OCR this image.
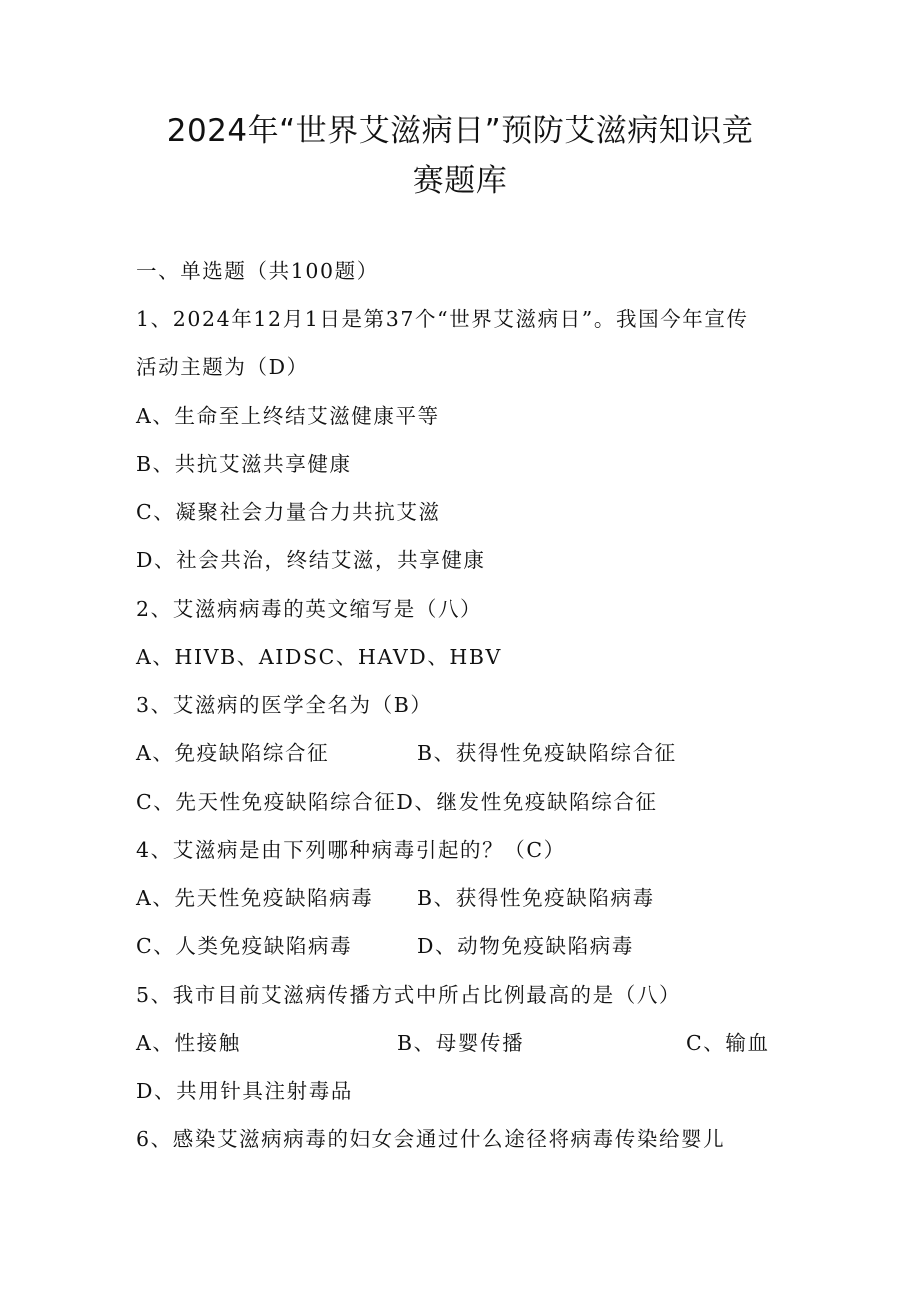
2024年“世界艾滋病日”预防艾滋病知识竞
赛题库
一、单选题（共100题）
1、2024年12月1日是第37个“世界艾滋病日”。我国今年宣传
活动主题为（D）
A、生命至上终结艾滋健康平等
B、共抗艾滋共享健康
C、凝聚社会力量合力共抗艾滋
D、社会共治，终结艾滋，共享健康
2、艾滋病病毒的英文缩写是（八）
A、HIVB、AIDSC、HAVD、HBV
3、艾滋病的医学全名为（B）
A、免疫缺陷综合征	B、获得性免疫缺陷综合征
C、先天性免疫缺陷综合征D、继发性免疫缺陷综合征
4、艾滋病是由下列哪种病毒引起的？（C）
A、先天性免疫缺陷病毒 B、获得性免疫缺陷病毒
C、人类免疫缺陷病毒	D、动物免疫缺陷病毒
5、我市目前艾滋病传播方式中所占比例最高的是（八）
A、性接触	B、母婴传播	C、输血
D、共用针具注射毒品
6、感染艾滋病病毒的妇女会通过什么途径将病毒传染给婴儿
